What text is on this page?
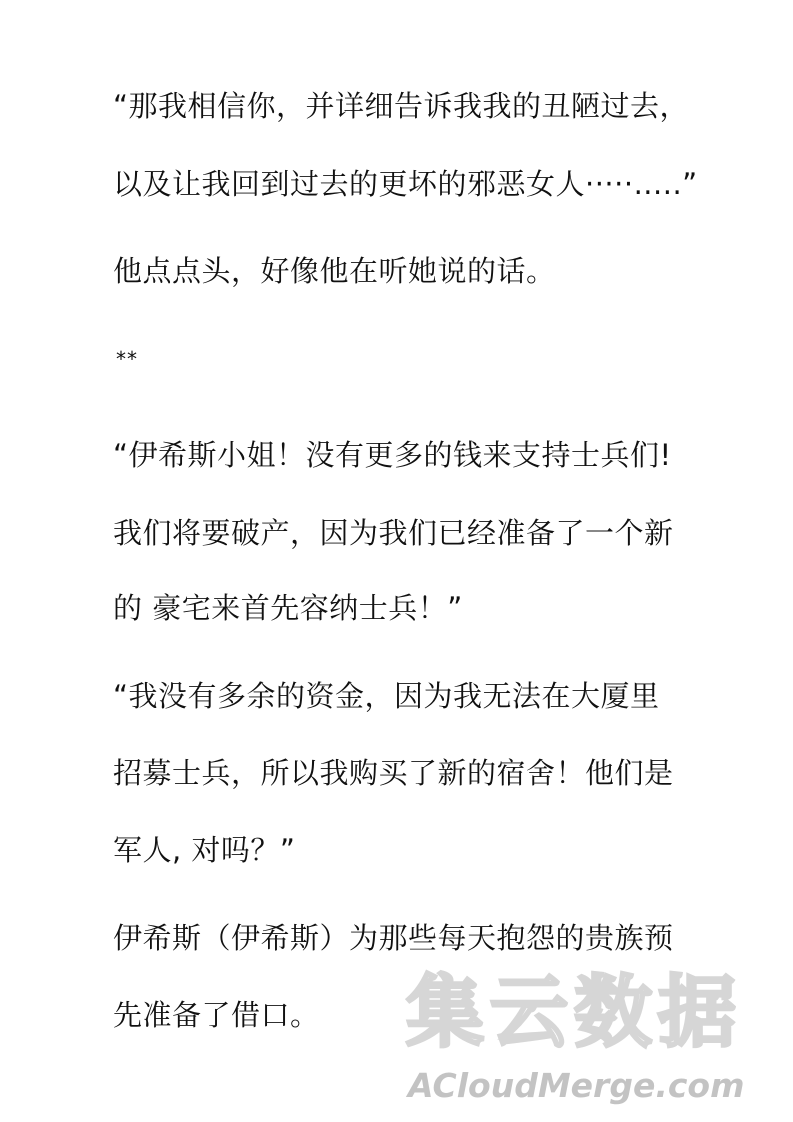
“那我相信你，并详细告诉我我的丑陋过去，
以及让我回到过去的更坏的邪恶女人·····.....”
他点点头，好像他在听她说的话。
**
“伊希斯小姐！没有更多的钱来支持士兵们!
我们将要破产，因为我们已经准备了一个新
的 豪宅来首先容纳士兵！”
“我没有多余的资金，因为我无法在大厦里
招募士兵，所以我购买了新的宿舍！他们是
军人, 对吗？”
伊希斯（伊希斯）为那些每天抱怨的贵族预
先准备了借口。 集云数据
ACloudMerge.com
